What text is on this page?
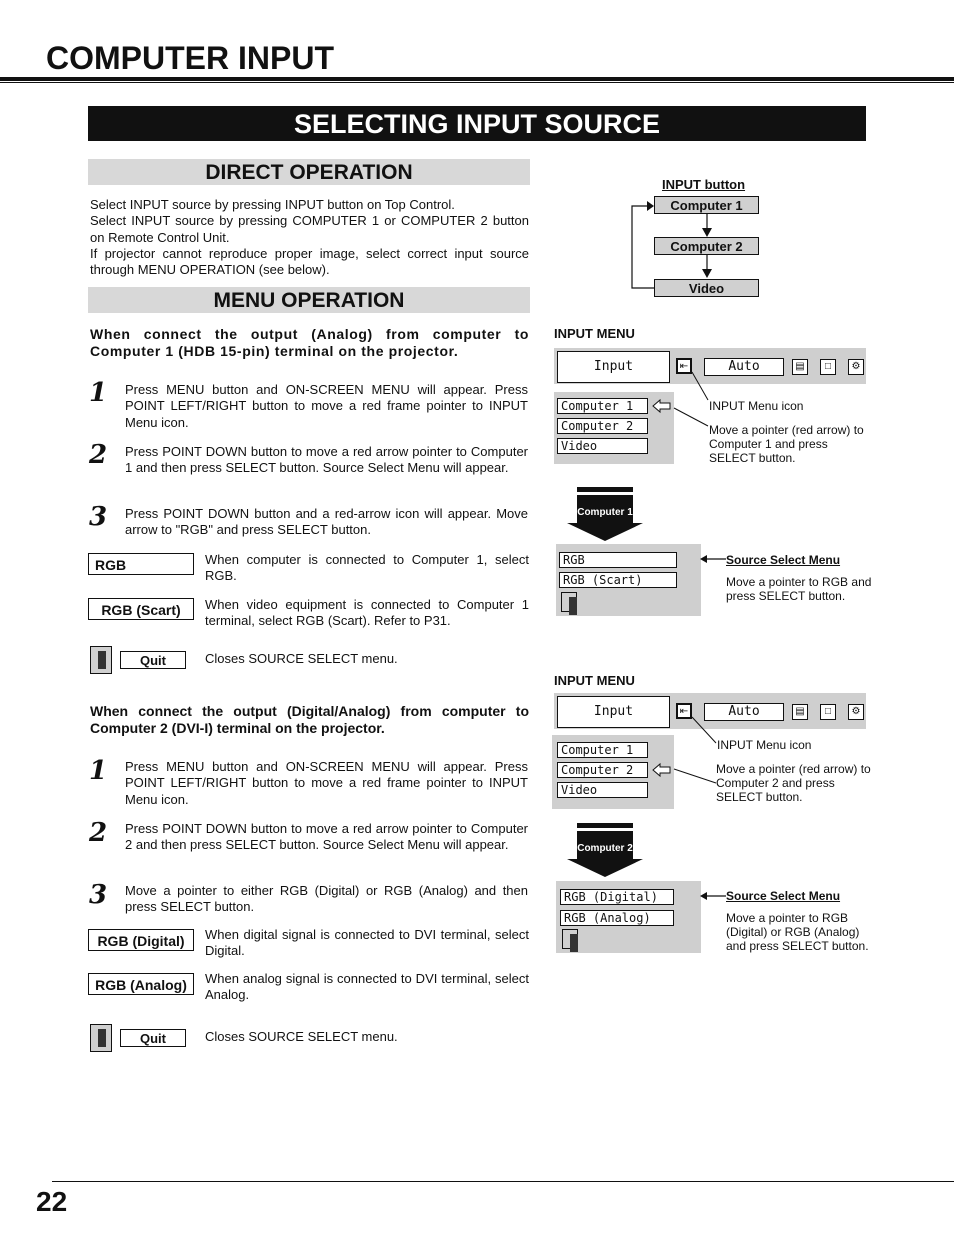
COMPUTER INPUT
SELECTING INPUT SOURCE
DIRECT OPERATION
Select INPUT source by pressing INPUT button on Top Control.
Select INPUT source by pressing COMPUTER 1 or COMPUTER 2 button on Remote Control Unit.
If projector cannot reproduce proper image, select correct input source through MENU OPERATION (see below).
INPUT button
Computer 1
Computer 2
Video
MENU OPERATION
When connect the output (Analog) from computer to Computer 1 (HDB 15-pin) terminal on the projector.
1 Press MENU button and ON-SCREEN MENU will appear. Press POINT LEFT/RIGHT button to move a red frame pointer to INPUT Menu icon.
2 Press POINT DOWN button to move a red arrow pointer to Computer 1 and then press SELECT button. Source Select Menu will appear.
3 Press POINT DOWN button and a red-arrow icon will appear. Move arrow to "RGB" and press SELECT button.
RGB	When computer is connected to Computer 1, select RGB.
RGB (Scart)	When video equipment is connected to Computer 1 terminal, select RGB (Scart). Refer to P31.
Quit	Closes SOURCE SELECT menu.
When connect the output (Digital/Analog) from computer to Computer 2 (DVI-I) terminal on the projector.
1 Press MENU button and ON-SCREEN MENU will appear. Press POINT LEFT/RIGHT button to move a red frame pointer to INPUT Menu icon.
2 Press POINT DOWN button to move a red arrow pointer to Computer 2 and then press SELECT button. Source Select Menu will appear.
3 Move a pointer to either RGB (Digital) or RGB (Analog) and then press SELECT button.
RGB (Digital)	When digital signal is connected to DVI terminal, select Digital.
RGB (Analog)	When analog signal is connected to DVI terminal, select Analog.
Quit	Closes SOURCE SELECT menu.
INPUT MENU
Input	⇤	Auto	▤	□	⚙
Computer 1
Computer 2
Video
INPUT Menu icon
Move a pointer (red arrow) to Computer 1 and press SELECT button.
Computer 1
RGB
RGB (Scart)
Source Select Menu
Move a pointer to RGB and press SELECT button.
INPUT MENU
Input	⇤	Auto	▤	□	⚙
Computer 1
Computer 2
Video
INPUT Menu icon
Move a pointer (red arrow) to Computer 2 and press SELECT button.
Computer 2
RGB (Digital)
RGB (Analog)
Source Select Menu
Move a pointer to RGB (Digital) or RGB (Analog) and press SELECT button.
22
